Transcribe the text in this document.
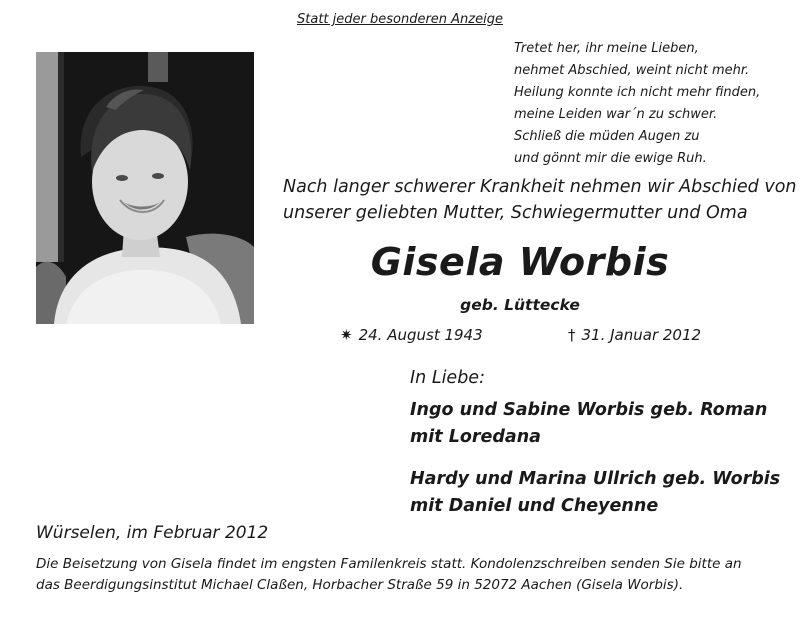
Statt jeder besonderen Anzeige
Tretet her, ihr meine Lieben,
nehmet Abschied, weint nicht mehr.
Heilung konnte ich nicht mehr finden,
meine Leiden war´n zu schwer.
Schließ die müden Augen zu
und gönnt mir die ewige Ruh.
Nach langer schwerer Krankheit nehmen wir Abschied von
unserer geliebten Mutter, Schwiegermutter und Oma
Gisela Worbis
geb. Lüttecke
✷ 24. August 1943	† 31. Januar 2012
In Liebe:
Ingo und Sabine Worbis geb. Roman
mit Loredana
Hardy und Marina Ullrich geb. Worbis
mit Daniel und Cheyenne
Würselen, im Februar 2012
Die Beisetzung von Gisela findet im engsten Familenkreis statt. Kondolenzschreiben senden Sie bitte an
das Beerdigungsinstitut Michael Claßen, Horbacher Straße 59 in 52072 Aachen (Gisela Worbis).
